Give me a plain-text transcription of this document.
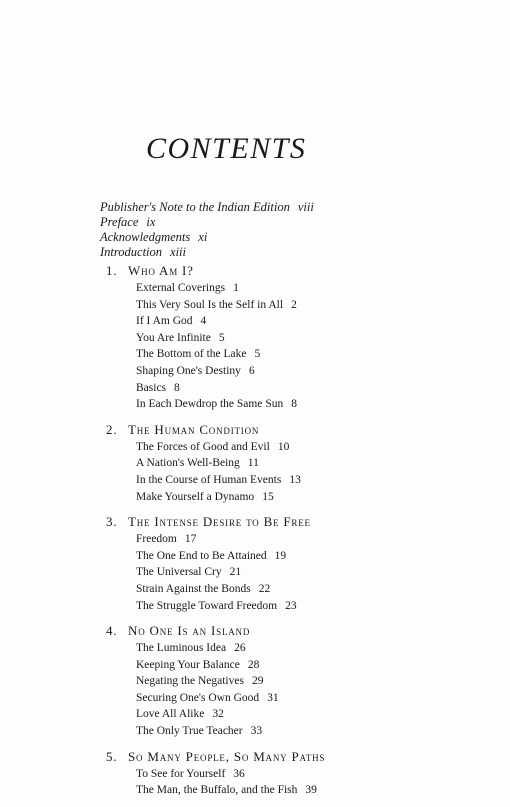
CONTENTS
Publisher's Note to the Indian Edition viii
Preface ix
Acknowledgments xi
Introduction xiii
1. Who Am I?
External Coverings 1
This Very Soul Is the Self in All 2
If I Am God 4
You Are Infinite 5
The Bottom of the Lake 5
Shaping One's Destiny 6
Basics 8
In Each Dewdrop the Same Sun 8
2. The Human Condition
The Forces of Good and Evil 10
A Nation's Well-Being 11
In the Course of Human Events 13
Make Yourself a Dynamo 15
3. The Intense Desire to Be Free
Freedom 17
The One End to Be Attained 19
The Universal Cry 21
Strain Against the Bonds 22
The Struggle Toward Freedom 23
4. No One Is an Island
The Luminous Idea 26
Keeping Your Balance 28
Negating the Negatives 29
Securing One's Own Good 31
Love All Alike 32
The Only True Teacher 33
5. So Many People, So Many Paths
To See for Yourself 36
The Man, the Buffalo, and the Fish 39
